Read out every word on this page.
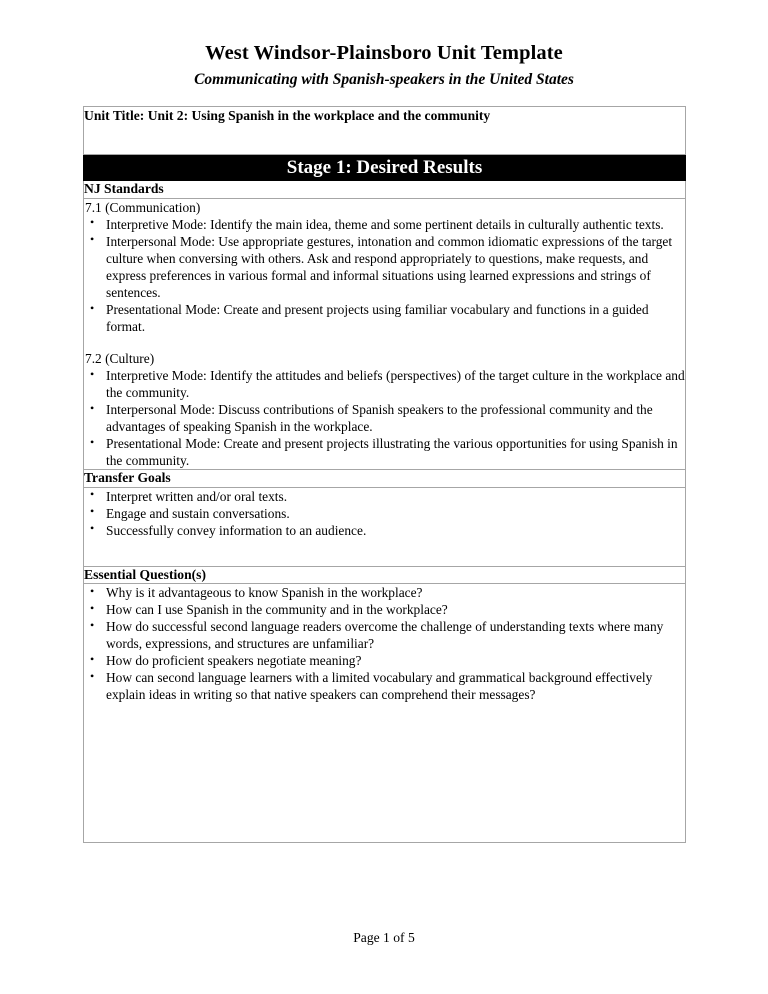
West Windsor-Plainsboro Unit Template
Communicating with Spanish-speakers in the United States
Unit Title: Unit 2: Using Spanish in the workplace and the community

Stage 1: Desired Results

NJ Standards

7.1 (Communication)

• Interpretive Mode: Identify the main idea, theme and some pertinent details in culturally authentic texts.
• Interpersonal Mode: Use appropriate gestures, intonation and common idiomatic expressions of the target culture when conversing with others. Ask and respond appropriately to questions, make requests, and express preferences in various formal and informal situations using learned expressions and strings of sentences.
• Presentational Mode: Create and present projects using familiar vocabulary and functions in a guided format.

7.2 (Culture)

• Interpretive Mode: Identify the attitudes and beliefs (perspectives) of the target culture in the workplace and the community.
• Interpersonal Mode: Discuss contributions of Spanish speakers to the professional community and the advantages of speaking Spanish in the workplace.
• Presentational Mode: Create and present projects illustrating the various opportunities for using Spanish in the community.

Transfer Goals

• Interpret written and/or oral texts.
• Engage and sustain conversations.
• Successfully convey information to an audience.

Essential Question(s)

• Why is it advantageous to know Spanish in the workplace?
• How can I use Spanish in the community and in the workplace?
• How do successful second language readers overcome the challenge of understanding texts where many words, expressions, and structures are unfamiliar?
• How do proficient speakers negotiate meaning?
• How can second language learners with a limited vocabulary and grammatical background effectively explain ideas in writing so that native speakers can comprehend their messages?
Page 1 of 5
